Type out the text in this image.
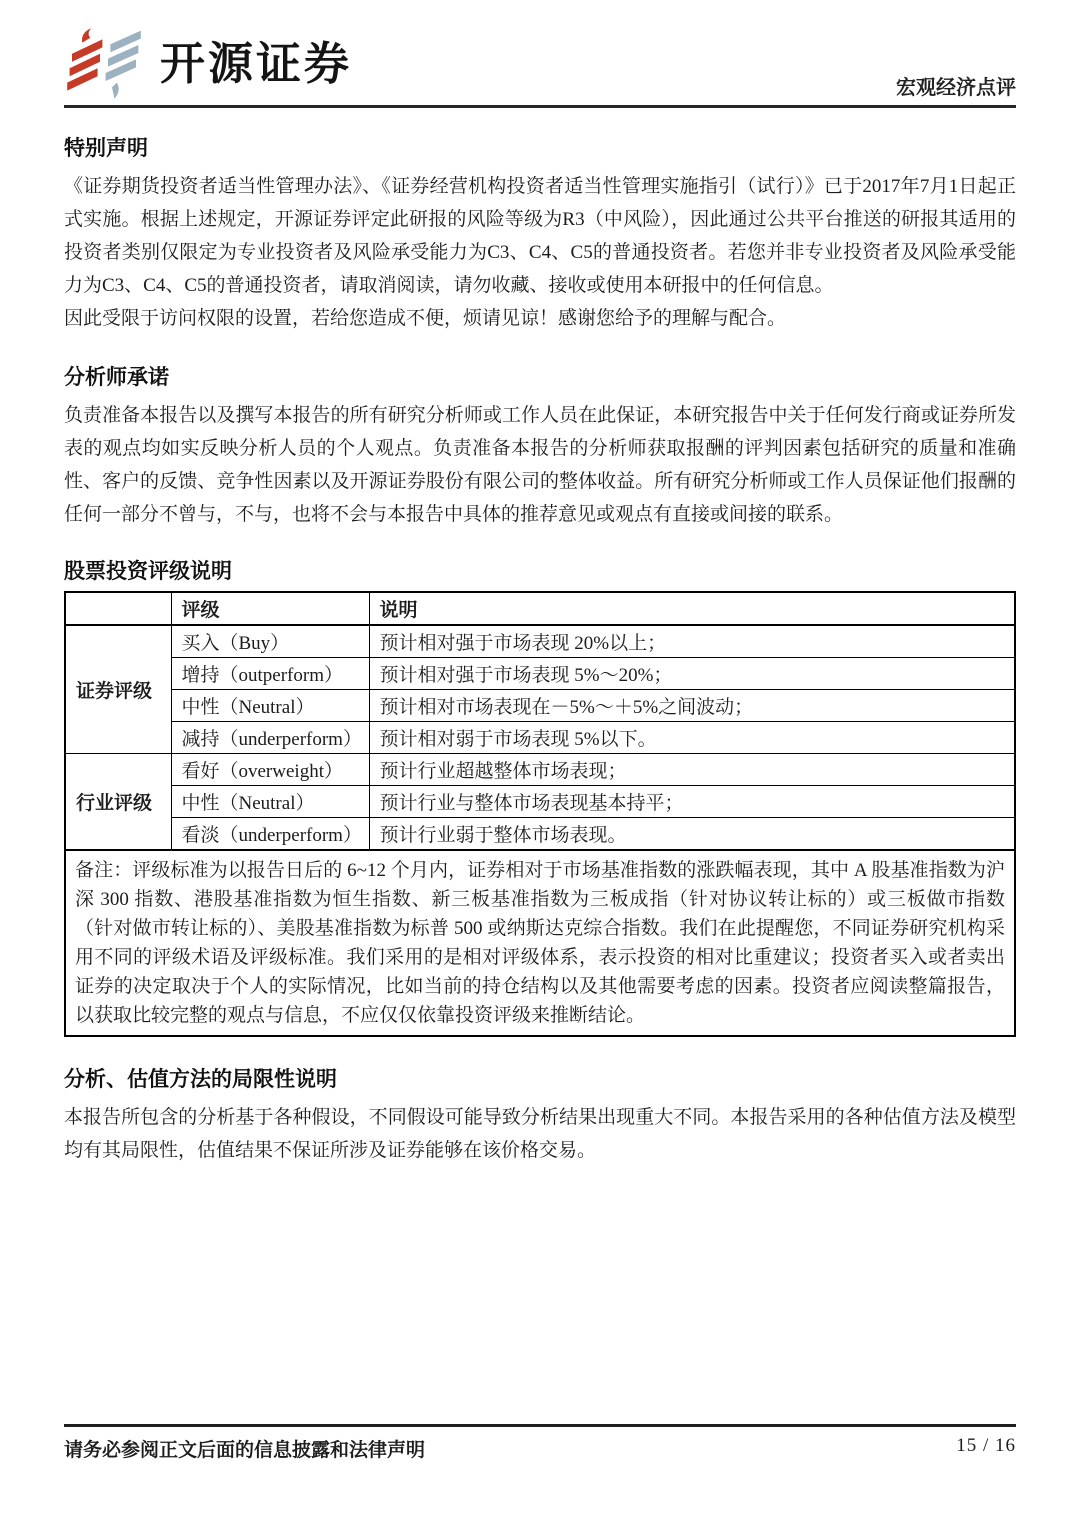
开源证券	宏观经济点评
特别声明

《证券期货投资者适当性管理办法》、《证券经营机构投资者适当性管理实施指引（试行）》已于2017年7月1日起正式实施。根据上述规定，开源证券评定此研报的风险等级为R3（中风险），因此通过公共平台推送的研报其适用的投资者类别仅限定为专业投资者及风险承受能力为C3、C4、C5的普通投资者。若您并非专业投资者及风险承受能力为C3、C4、C5的普通投资者，请取消阅读，请勿收藏、接收或使用本研报中的任何信息。

因此受限于访问权限的设置，若给您造成不便，烦请见谅！感谢您给予的理解与配合。

分析师承诺

负责准备本报告以及撰写本报告的所有研究分析师或工作人员在此保证，本研究报告中关于任何发行商或证券所发表的观点均如实反映分析人员的个人观点。负责准备本报告的分析师获取报酬的评判因素包括研究的质量和准确性、客户的反馈、竞争性因素以及开源证券股份有限公司的整体收益。所有研究分析师或工作人员保证他们报酬的任何一部分不曾与，不与，也将不会与本报告中具体的推荐意见或观点有直接或间接的联系。

股票投资评级说明
	评级	说明
证券评级	买入（Buy）	预计相对强于市场表现 20%以上；
	增持（outperform）	预计相对强于市场表现 5%～20%；
	中性（Neutral）	预计相对市场表现在－5%～＋5%之间波动；
	减持（underperform）	预计相对弱于市场表现 5%以下。
行业评级	看好（overweight）	预计行业超越整体市场表现；
	中性（Neutral）	预计行业与整体市场表现基本持平；
	看淡（underperform）	预计行业弱于整体市场表现。
备注：评级标准为以报告日后的 6~12 个月内，证券相对于市场基准指数的涨跌幅表现，其中 A 股基准指数为沪深 300 指数、港股基准指数为恒生指数、新三板基准指数为三板成指（针对协议转让标的）或三板做市指数（针对做市转让标的）、美股基准指数为标普 500 或纳斯达克综合指数。我们在此提醒您，不同证券研究机构采用不同的评级术语及评级标准。我们采用的是相对评级体系，表示投资的相对比重建议；投资者买入或者卖出证券的决定取决于个人的实际情况，比如当前的持仓结构以及其他需要考虑的因素。投资者应阅读整篇报告，以获取比较完整的观点与信息，不应仅仅依靠投资评级来推断结论。		
分析、估值方法的局限性说明

本报告所包含的分析基于各种假设，不同假设可能导致分析结果出现重大不同。本报告采用的各种估值方法及模型均有其局限性，估值结果不保证所涉及证券能够在该价格交易。

请务必参阅正文后面的信息披露和法律声明	15 / 16
